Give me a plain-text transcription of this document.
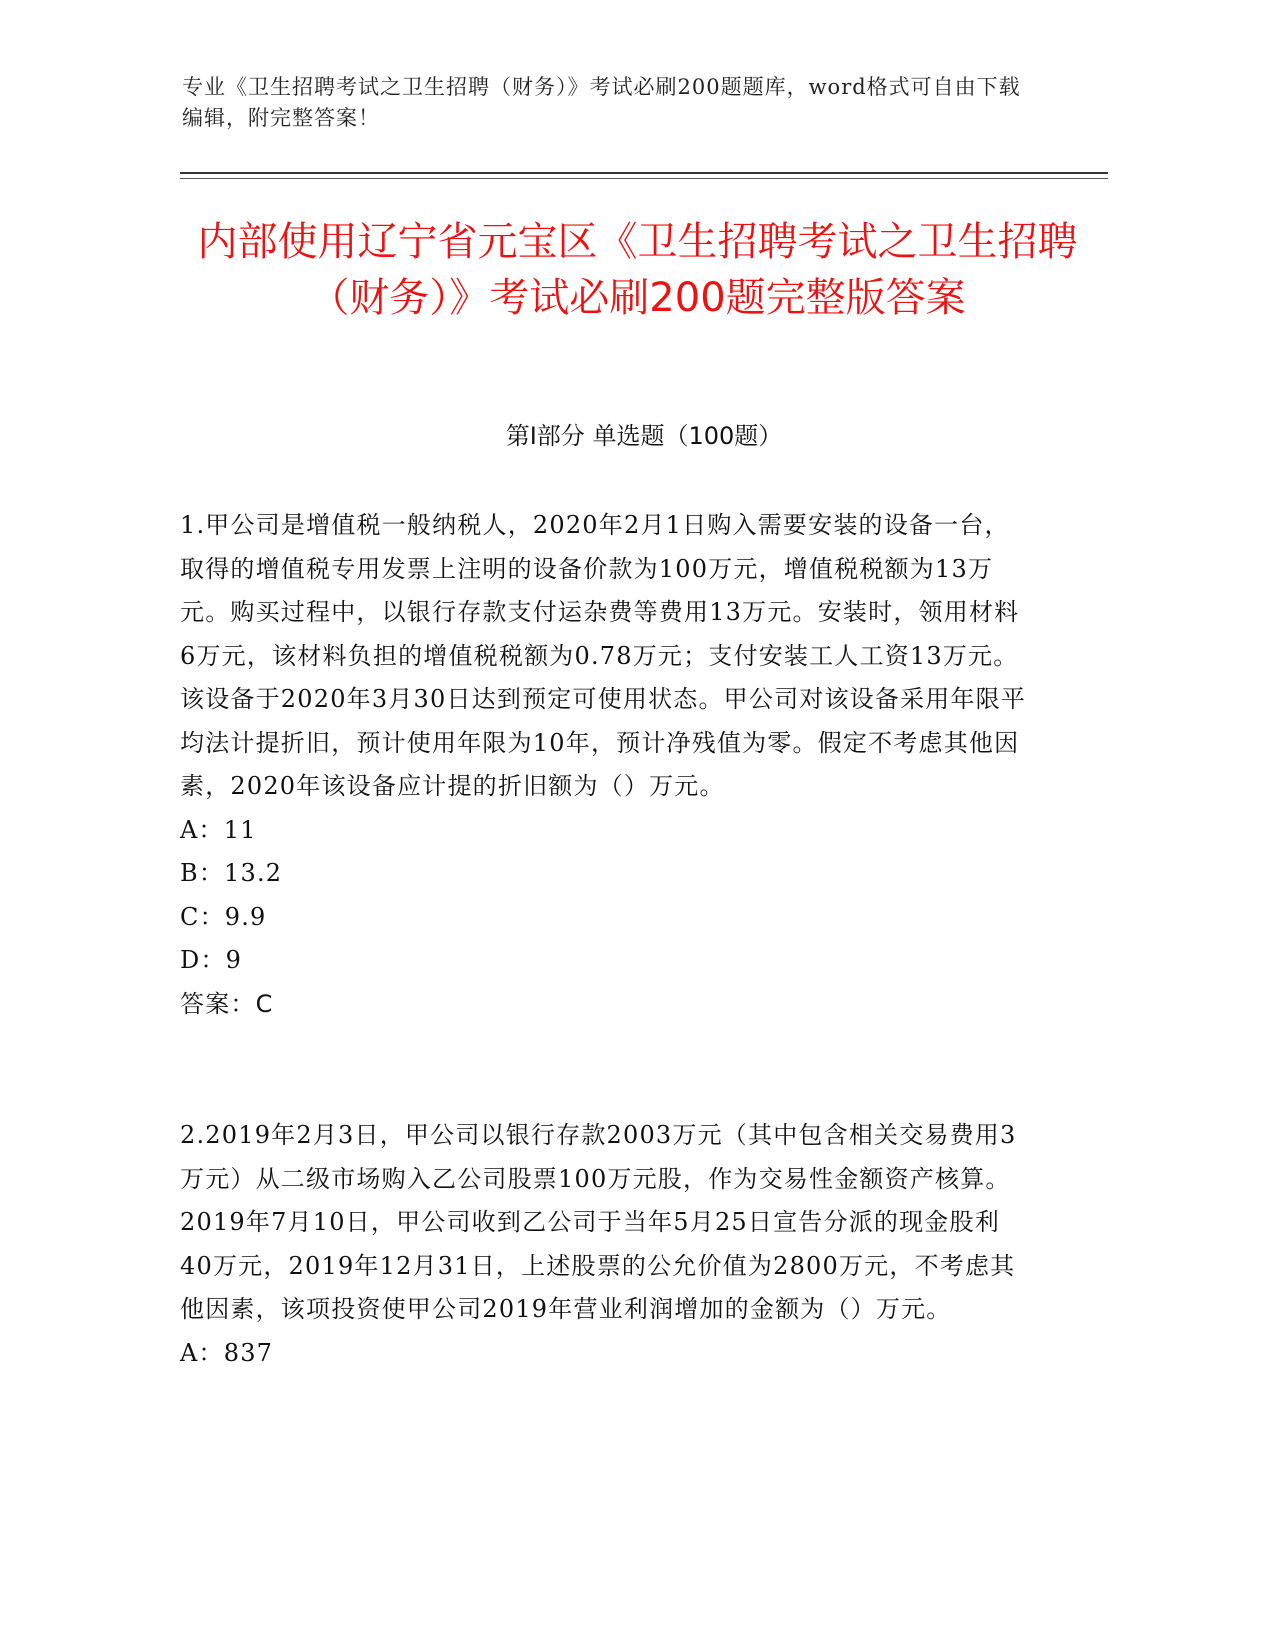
专业《卫生招聘考试之卫生招聘（财务）》考试必刷200题题库，word格式可自由下载编辑，附完整答案！
内部使用辽宁省元宝区《卫生招聘考试之卫生招聘（财务）》考试必刷200题完整版答案
第Ⅰ部分 单选题（100题）

1.甲公司是增值税一般纳税人，2020年2月1日购入需要安装的设备一台，取得的增值税专用发票上注明的设备价款为100万元，增值税税额为13万元。购买过程中，以银行存款支付运杂费等费用13万元。安装时，领用材料6万元，该材料负担的增值税税额为0.78万元；支付安装工人工资13万元。该设备于2020年3月30日达到预定可使用状态。甲公司对该设备采用年限平均法计提折旧，预计使用年限为10年，预计净残值为零。假定不考虑其他因素，2020年该设备应计提的折旧额为（）万元。

A：11

B：13.2

C：9.9

D：9

答案：C

2.2019年2月3日，甲公司以银行存款2003万元（其中包含相关交易费用3万元）从二级市场购入乙公司股票100万元股，作为交易性金额资产核算。2019年7月10日，甲公司收到乙公司于当年5月25日宣告分派的现金股利40万元，2019年12月31日，上述股票的公允价值为2800万元，不考虑其他因素，该项投资使甲公司2019年营业利润增加的金额为（）万元。

A：837
